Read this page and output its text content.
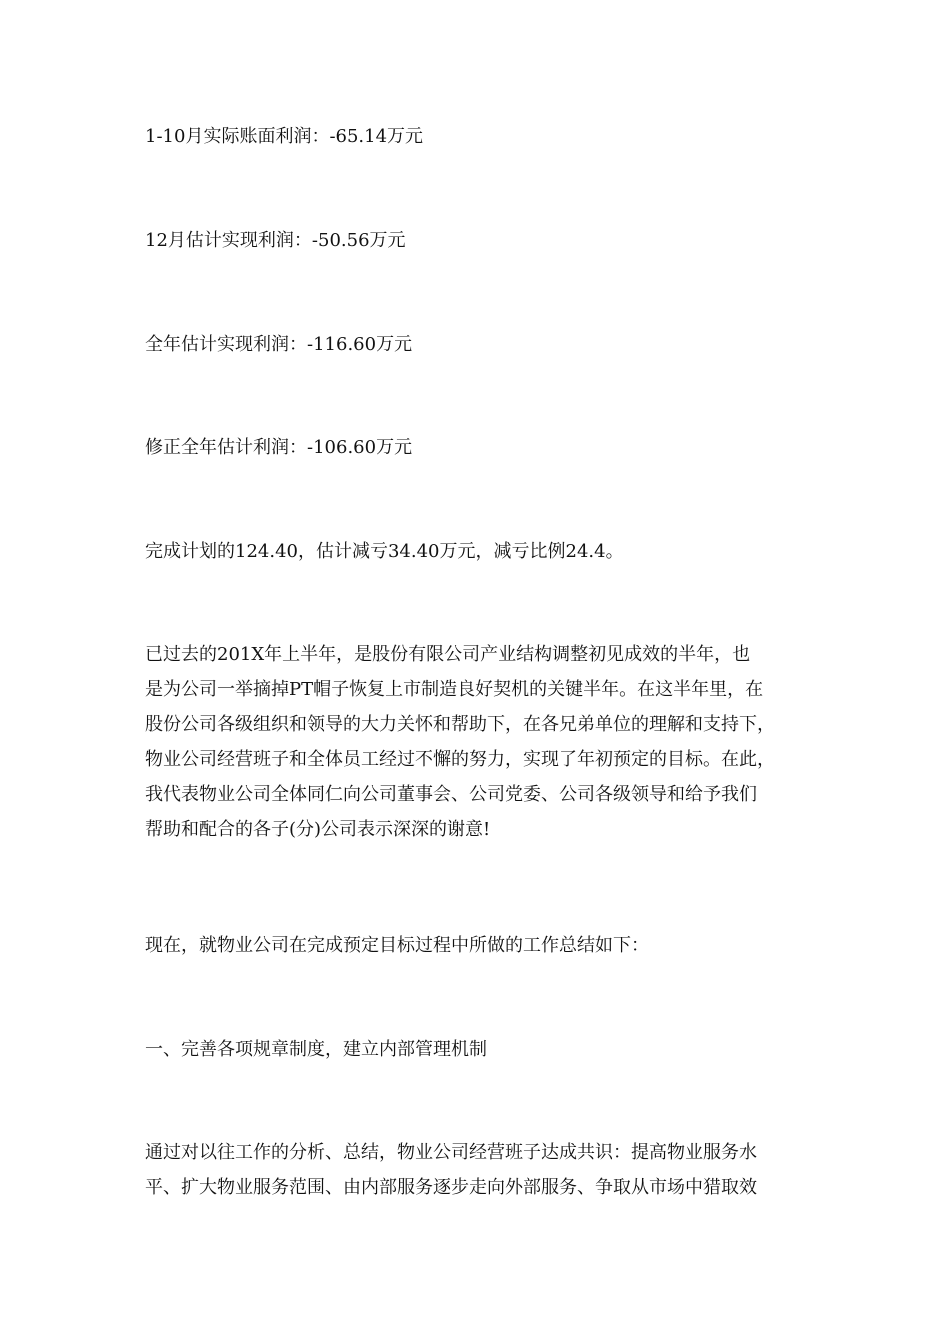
1-10月实际账面利润：-65.14万元
12月估计实现利润：-50.56万元
全年估计实现利润：-116.60万元
修正全年估计利润：-106.60万元
完成计划的124.40，估计减亏34.40万元，减亏比例24.4。
已过去的201X年上半年，是股份有限公司产业结构调整初见成效的半年，也
是为公司一举摘掉PT帽子恢复上市制造良好契机的关键半年。在这半年里，在
股份公司各级组织和领导的大力关怀和帮助下，在各兄弟单位的理解和支持下，
物业公司经营班子和全体员工经过不懈的努力，实现了年初预定的目标。在此，
我代表物业公司全体同仁向公司董事会、公司党委、公司各级领导和给予我们
帮助和配合的各子(分)公司表示深深的谢意!
现在，就物业公司在完成预定目标过程中所做的工作总结如下：
一、完善各项规章制度，建立内部管理机制
通过对以往工作的分析、总结，物业公司经营班子达成共识：提高物业服务水
平、扩大物业服务范围、由内部服务逐步走向外部服务、争取从市场中猎取效
